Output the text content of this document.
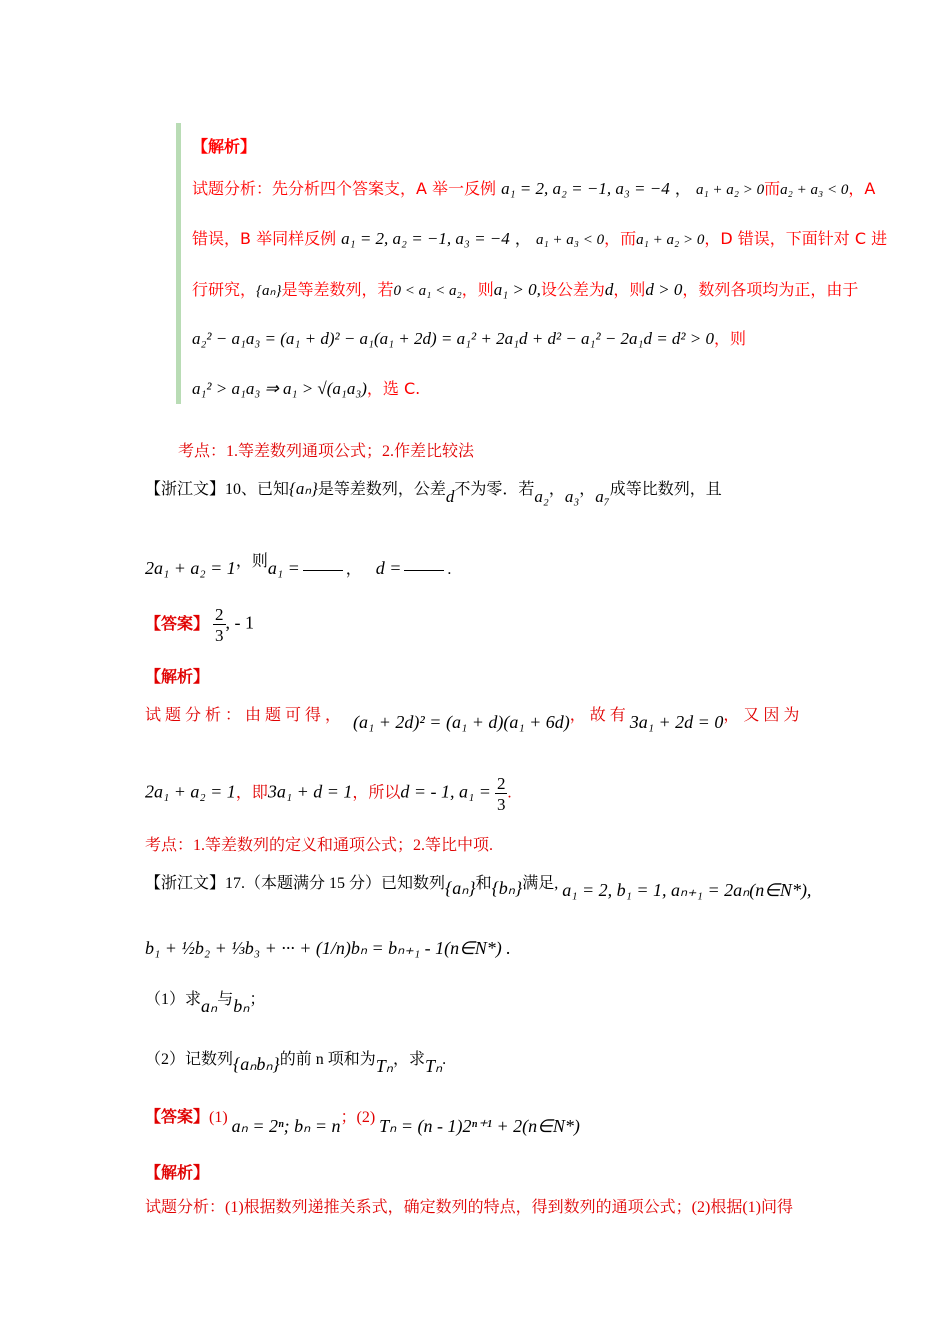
【解析】
试题分析：先分析四个答案支，A 举一反例 a₁ = 2, a₂ = −1, a₃ = −4 ， a₁ + a₂ > 0而a₂ + a₃ < 0，A
错误，B 举同样反例 a₁ = 2, a₂ = −1, a₃ = −4 ， a₁ + a₃ < 0，而a₁ + a₂ > 0，D 错误，下面针对 C 进
行研究，{aₙ}是等差数列，若0 < a₁ < a₂，则a₁ > 0,设公差为d，则d > 0，数列各项均为正，由于
a₂² − a₁a₃ = (a₁ + d)² − a₁(a₁ + 2d) = a₁² + 2a₁d + d² − a₁² − 2a₁d = d² > 0，则
a₁² > a₁a₃ ⇒ a₁ > √(a₁a₃)，选 C.
考点：1.等差数列通项公式；2.作差比较法
【浙江文】10、已知{aₙ}是等差数列，公差d不为零．若a₂，a₃，a₇成等比数列，且
2a₁ + a₂ = 1，则a₁ =	， d =	.
【答案】 $\frac{2}{3}$ , - 1
【解析】
试 题 分 析 ： 由 题 可 得 ， (a₁ + 2d)² = (a₁ + d)(a₁ + 6d)， 故 有 3a₁ + 2d = 0， 又 因 为
2a₁ + a₂ = 1，即3a₁ + d = 1，所以d = - 1, $a_1 = \frac{2}{3}$ .
考点：1.等差数列的定义和通项公式；2.等比中项.
【浙江文】17.（本题满分 15 分）已知数列{aₙ}和{bₙ}满足, a₁ = 2, b₁ = 1, aₙ₊₁ = 2aₙ(n∈N*),
b₁ + ½b₂ + ⅓b₃ + ··· + (1/n)bₙ = bₙ₊₁ - 1(n∈N*) .
（1）求aₙ与bₙ；
（2）记数列{aₙbₙ}的前 n 项和为Tₙ，求Tₙ.
【答案】(1) aₙ = 2ⁿ; bₙ = n；(2) Tₙ = (n - 1)2ⁿ⁺¹ + 2(n∈N*)
【解析】
试题分析：(1)根据数列递推关系式，确定数列的特点，得到数列的通项公式；(2)根据(1)问得
